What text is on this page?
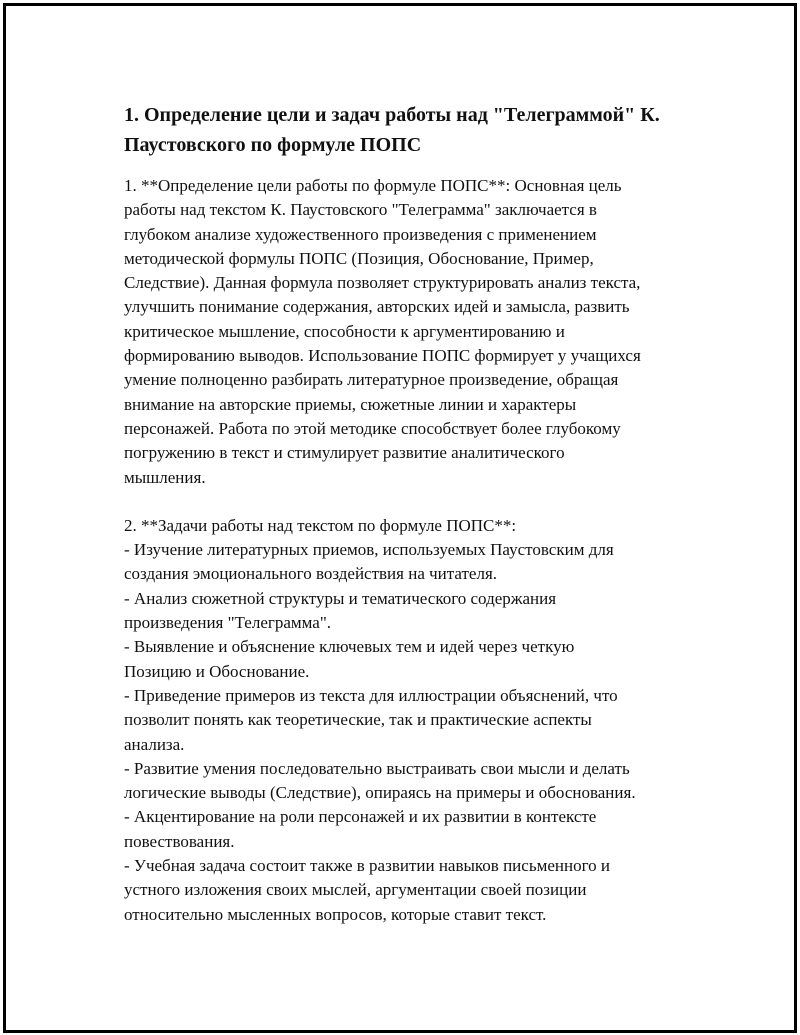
1. Определение цели и задач работы над "Телеграммой" К.
Паустовского по формуле ПОПС

1. **Определение цели работы по формуле ПОПС**: Основная цель
работы над текстом К. Паустовского "Телеграмма" заключается в
глубоком анализе художественного произведения с применением
методической формулы ПОПС (Позиция, Обоснование, Пример,
Следствие). Данная формула позволяет структурировать анализ текста,
улучшить понимание содержания, авторских идей и замысла, развить
критическое мышление, способности к аргументированию и
формированию выводов. Использование ПОПС формирует у учащихся
умение полноценно разбирать литературное произведение, обращая
внимание на авторские приемы, сюжетные линии и характеры
персонажей. Работа по этой методике способствует более глубокому
погружению в текст и стимулирует развитие аналитического
мышления.

2. **Задачи работы над текстом по формуле ПОПС**:

- Изучение литературных приемов, используемых Паустовским для
создания эмоционального воздействия на читателя.

- Анализ сюжетной структуры и тематического содержания
произведения "Телеграмма".

- Выявление и объяснение ключевых тем и идей через четкую
Позицию и Обоснование.

- Приведение примеров из текста для иллюстрации объяснений, что
позволит понять как теоретические, так и практические аспекты
анализа.

- Развитие умения последовательно выстраивать свои мысли и делать
логические выводы (Следствие), опираясь на примеры и обоснования.

- Акцентирование на роли персонажей и их развитии в контексте
повествования.

- Учебная задача состоит также в развитии навыков письменного и
устного изложения своих мыслей, аргументации своей позиции
относительно мысленных вопросов, которые ставит текст.
